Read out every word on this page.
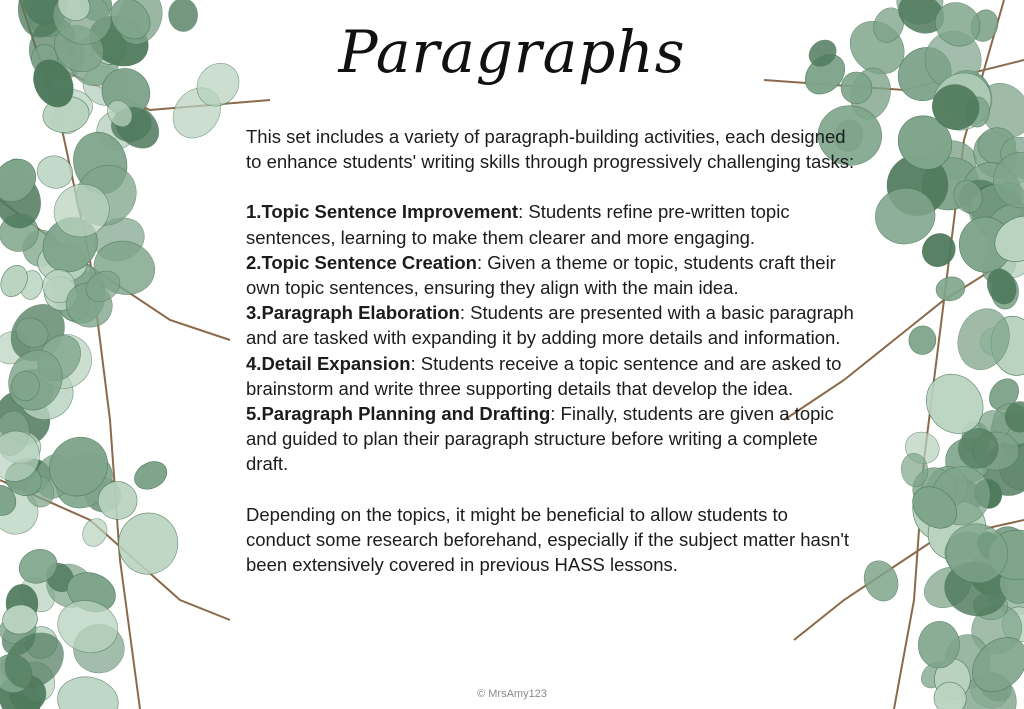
Paragraphs

This set includes a variety of paragraph-building activities, each designed to enhance students' writing skills through progressively challenging tasks:

1.Topic Sentence Improvement: Students refine pre-written topic sentences, learning to make them clearer and more engaging.

2.Topic Sentence Creation: Given a theme or topic, students craft their own topic sentences, ensuring they align with the main idea.

3.Paragraph Elaboration: Students are presented with a basic paragraph and are tasked with expanding it by adding more details and information.

4.Detail Expansion: Students receive a topic sentence and are asked to brainstorm and write three supporting details that develop the idea.

5.Paragraph Planning and Drafting: Finally, students are given a topic and guided to plan their paragraph structure before writing a complete draft.

Depending on the topics, it might be beneficial to allow students to conduct some research beforehand, especially if the subject matter hasn't been extensively covered in previous HASS lessons.

© MrsAmy123
